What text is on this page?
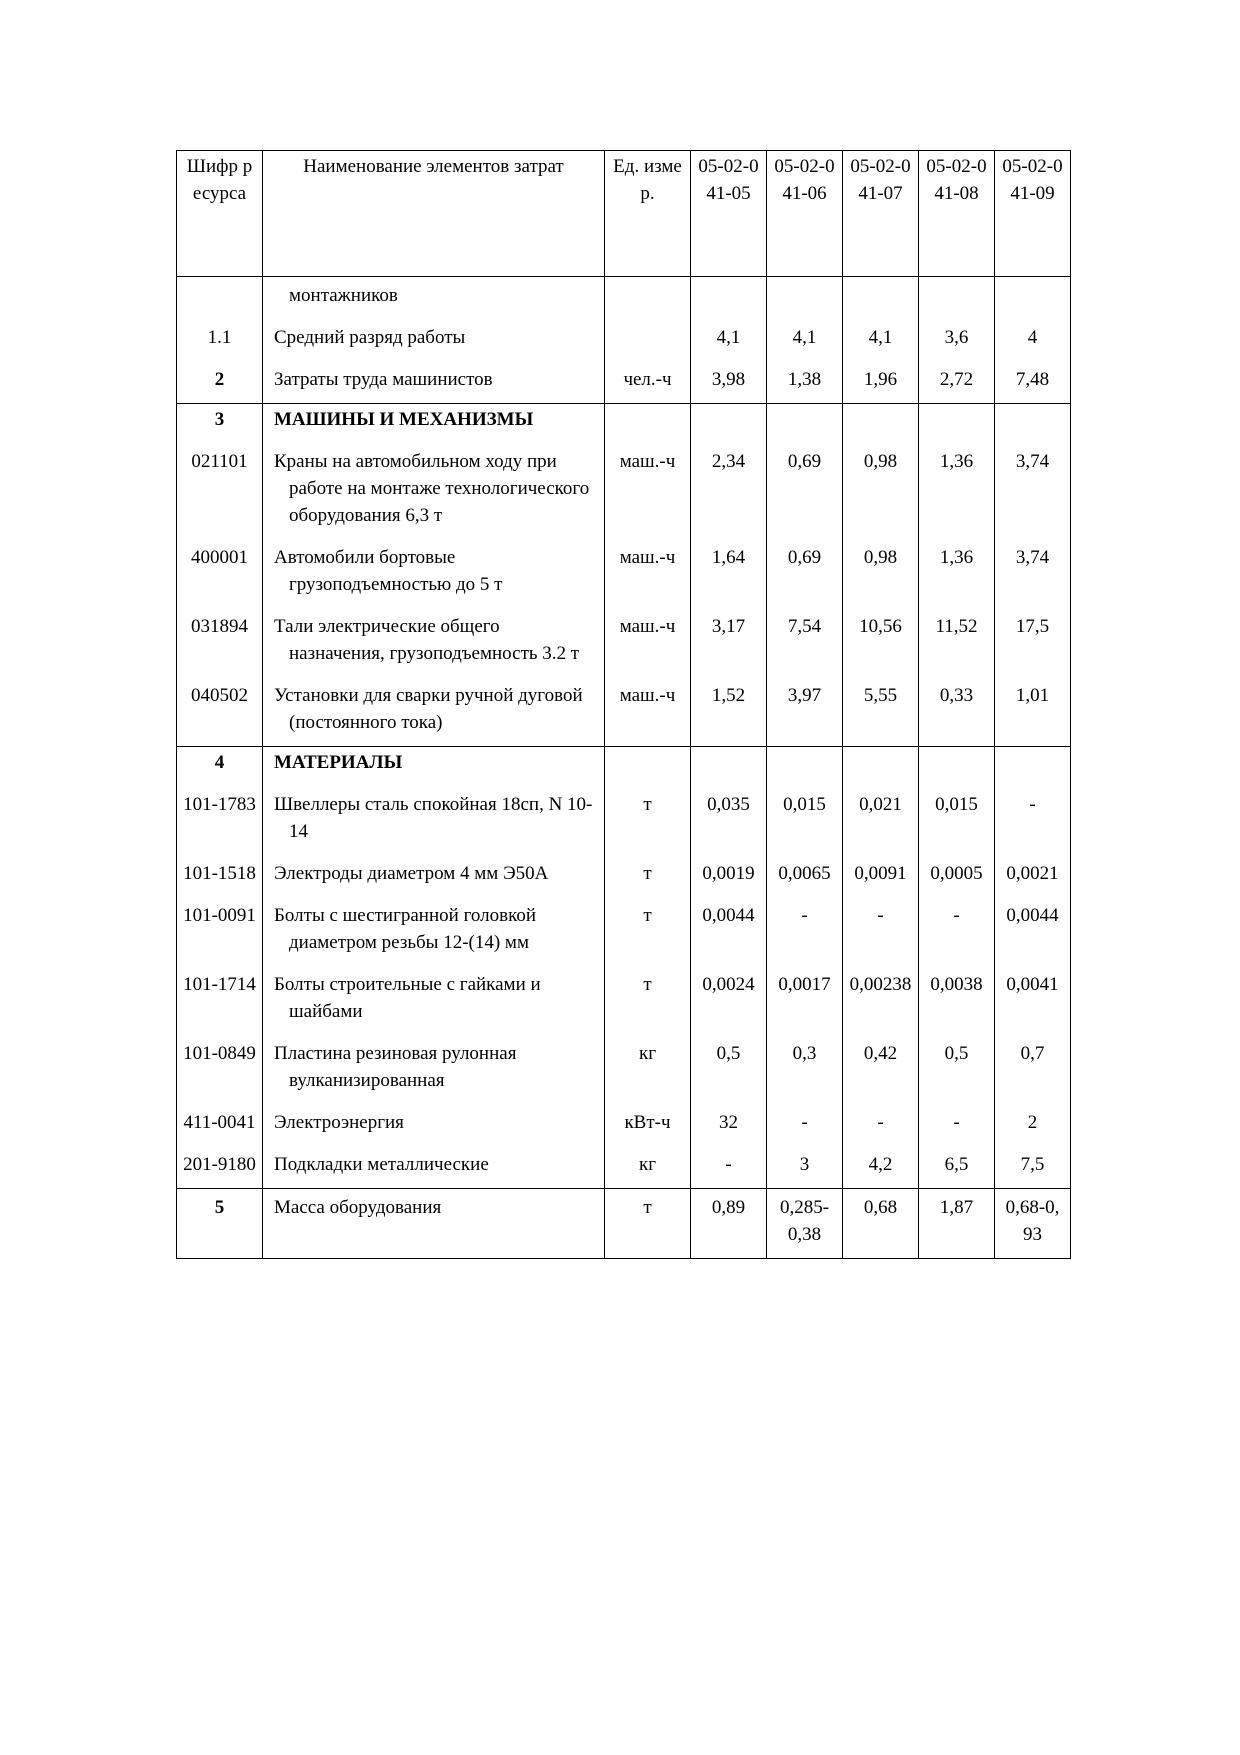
Шифр ресурса	Наименование элементов затрат	Ед. измер.	05-02-041-05	05-02-041-06	05-02-041-07	05-02-041-08	05-02-041-09

	монтажников						

1.1	Средний разряд работы		4,1	4,1	4,1	3,6	4
2	Затраты труда машинистов	чел.-ч	3,98	1,38	1,96	2,72	7,48
3	МАШИНЫ И МЕХАНИЗМЫ						

021101	Краны на автомобильном ходу при работе на монтаже технологического оборудования 6,3 т	маш.-ч	2,34	0,69	0,98	1,36	3,74
400001	Автомобили бортовые грузоподъемностью до 5 т	маш.-ч	1,64	0,69	0,98	1,36	3,74
031894	Тали электрические общего назначения, грузоподъемность 3.2 т	маш.-ч	3,17	7,54	10,56	11,52	17,5
040502	Установки для сварки ручной дуговой (постоянного тока)	маш.-ч	1,52	3,97	5,55	0,33	1,01
4	МАТЕРИАЛЫ						

101-1783	Швеллеры сталь спокойная 18сп, N 10-14	т	0,035	0,015	0,021	0,015	-
101-1518	Электроды диаметром 4 мм Э50А	т	0,0019	0,0065	0,0091	0,0005	0,0021
101-0091	Болты с шестигранной головкой диаметром резьбы 12-(14) мм	т	0,0044	-	-	-	0,0044
101-1714	Болты строительные с гайками и шайбами	т	0,0024	0,0017	0,00238	0,0038	0,0041
101-0849	Пластина резиновая рулонная вулканизированная	кг	0,5	0,3	0,42	0,5	0,7
411-0041	Электроэнергия	кВт-ч	32	-	-	-	2
201-9180	Подкладки металлические	кг	-	3	4,2	6,5	7,5
5	Масса оборудования	т	0,89	0,285-0,38	0,68	1,87	0,68-0,93
